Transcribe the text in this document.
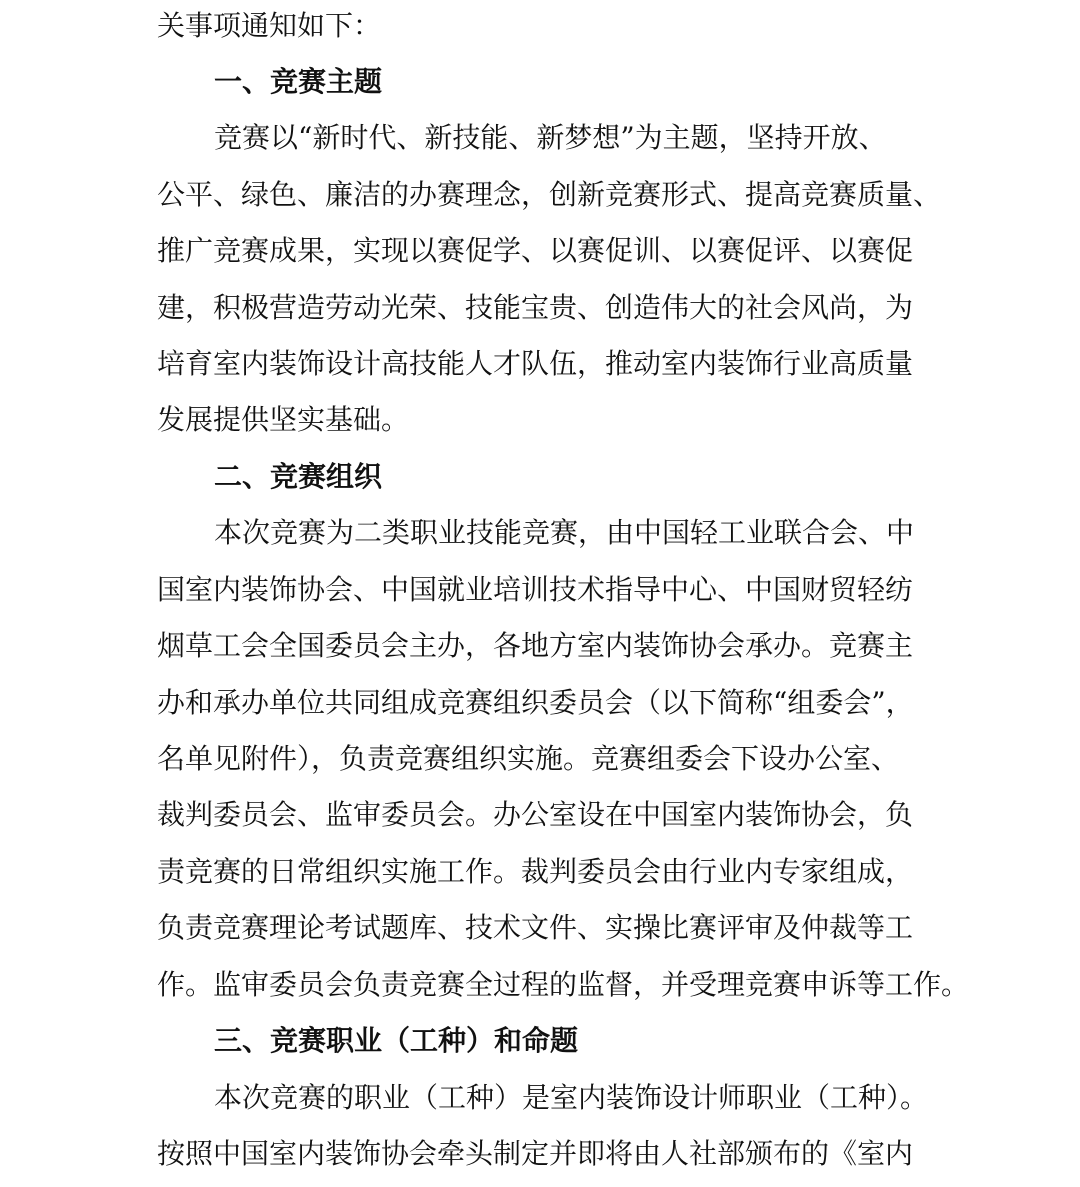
关事项通知如下：
一、竞赛主题
竞赛以“新时代、新技能、新梦想”为主题，坚持开放、
公平、绿色、廉洁的办赛理念，创新竞赛形式、提高竞赛质量、
推广竞赛成果，实现以赛促学、以赛促训、以赛促评、以赛促
建，积极营造劳动光荣、技能宝贵、创造伟大的社会风尚，为
培育室内装饰设计高技能人才队伍，推动室内装饰行业高质量
发展提供坚实基础。
二、竞赛组织
本次竞赛为二类职业技能竞赛，由中国轻工业联合会、中
国室内装饰协会、中国就业培训技术指导中心、中国财贸轻纺
烟草工会全国委员会主办，各地方室内装饰协会承办。竞赛主
办和承办单位共同组成竞赛组织委员会（以下简称“组委会”，
名单见附件），负责竞赛组织实施。竞赛组委会下设办公室、
裁判委员会、监审委员会。办公室设在中国室内装饰协会，负
责竞赛的日常组织实施工作。裁判委员会由行业内专家组成，
负责竞赛理论考试题库、技术文件、实操比赛评审及仲裁等工
作。监审委员会负责竞赛全过程的监督，并受理竞赛申诉等工作。
三、竞赛职业（工种）和命题
本次竞赛的职业（工种）是室内装饰设计师职业（工种）。
按照中国室内装饰协会牵头制定并即将由人社部颁布的《室内
